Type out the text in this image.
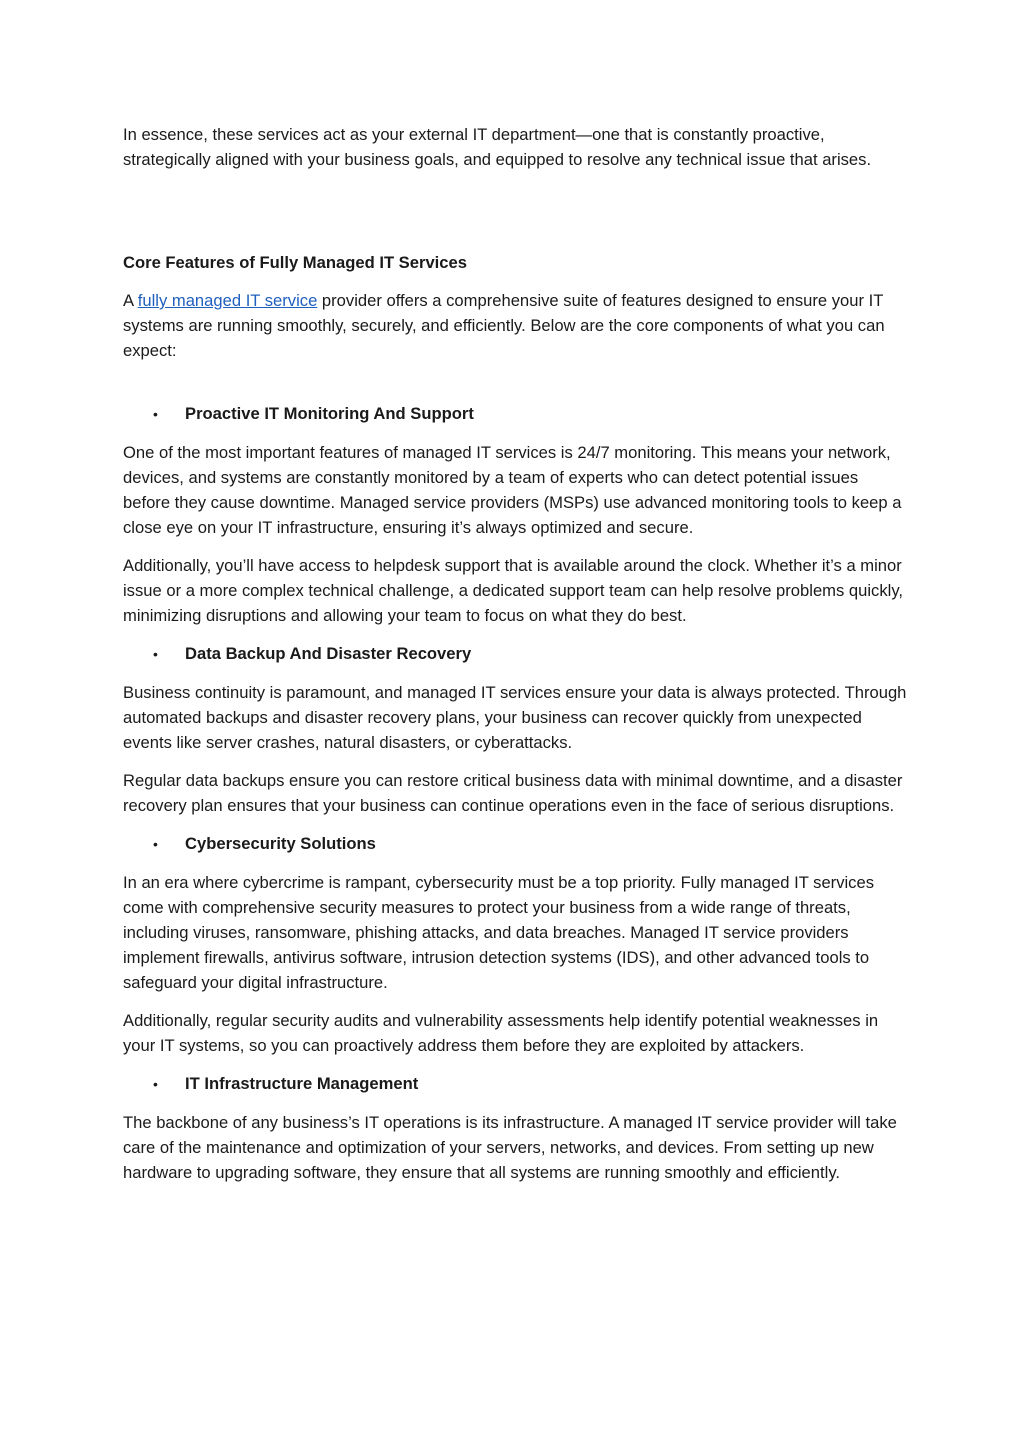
In essence, these services act as your external IT department—one that is constantly proactive, strategically aligned with your business goals, and equipped to resolve any technical issue that arises.

Core Features of Fully Managed IT Services

A fully managed IT service provider offers a comprehensive suite of features designed to ensure your IT systems are running smoothly, securely, and efficiently. Below are the core components of what you can expect:

•	Proactive IT Monitoring And Support

One of the most important features of managed IT services is 24/7 monitoring. This means your network, devices, and systems are constantly monitored by a team of experts who can detect potential issues before they cause downtime. Managed service providers (MSPs) use advanced monitoring tools to keep a close eye on your IT infrastructure, ensuring it’s always optimized and secure.

Additionally, you’ll have access to helpdesk support that is available around the clock. Whether it’s a minor issue or a more complex technical challenge, a dedicated support team can help resolve problems quickly, minimizing disruptions and allowing your team to focus on what they do best.

•	Data Backup And Disaster Recovery

Business continuity is paramount, and managed IT services ensure your data is always protected. Through automated backups and disaster recovery plans, your business can recover quickly from unexpected events like server crashes, natural disasters, or cyberattacks.

Regular data backups ensure you can restore critical business data with minimal downtime, and a disaster recovery plan ensures that your business can continue operations even in the face of serious disruptions.

•	Cybersecurity Solutions

In an era where cybercrime is rampant, cybersecurity must be a top priority. Fully managed IT services come with comprehensive security measures to protect your business from a wide range of threats, including viruses, ransomware, phishing attacks, and data breaches. Managed IT service providers implement firewalls, antivirus software, intrusion detection systems (IDS), and other advanced tools to safeguard your digital infrastructure.

Additionally, regular security audits and vulnerability assessments help identify potential weaknesses in your IT systems, so you can proactively address them before they are exploited by attackers.

•	IT Infrastructure Management

The backbone of any business’s IT operations is its infrastructure. A managed IT service provider will take care of the maintenance and optimization of your servers, networks, and devices. From setting up new hardware to upgrading software, they ensure that all systems are running smoothly and efficiently.
